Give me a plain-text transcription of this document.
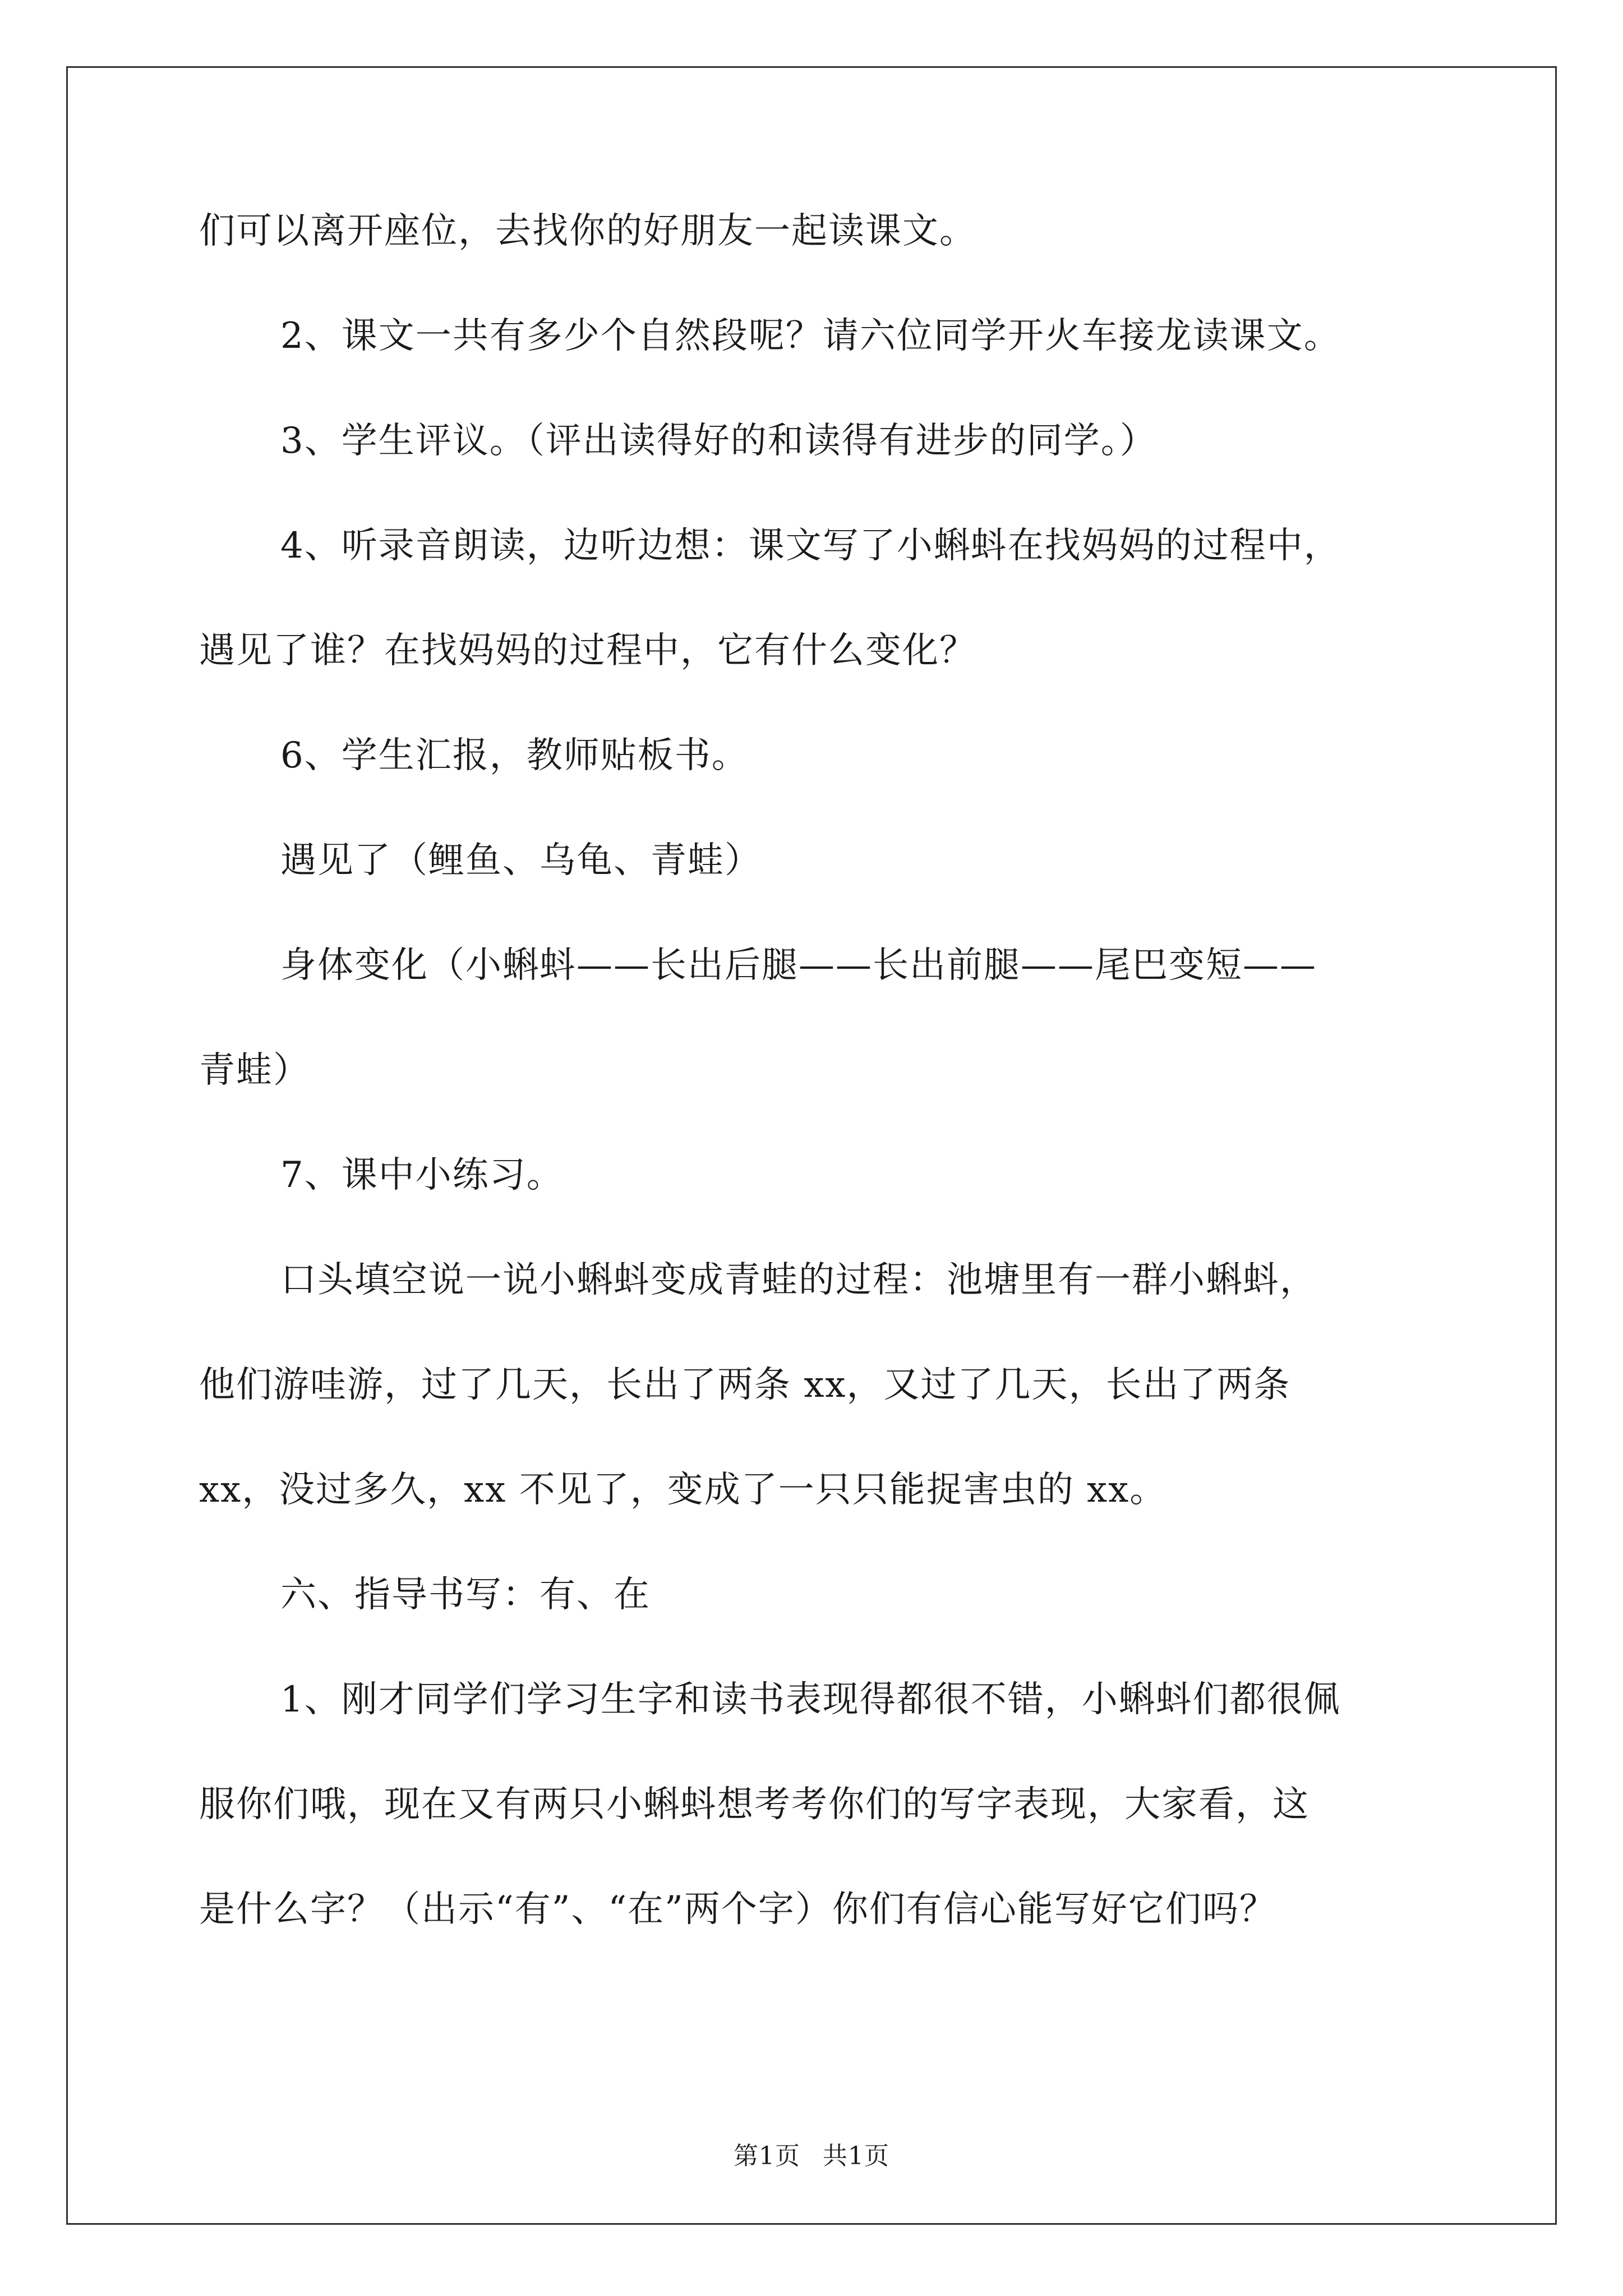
们可以离开座位，去找你的好朋友一起读课文。

2、课文一共有多少个自然段呢？请六位同学开火车接龙读课文。

3、学生评议。（评出读得好的和读得有进步的同学。）

4、听录音朗读，边听边想：课文写了小蝌蚪在找妈妈的过程中，

遇见了谁？在找妈妈的过程中，它有什么变化？

6、学生汇报，教师贴板书。

遇见了（鲤鱼、乌龟、青蛙）

身体变化（小蝌蚪——长出后腿——长出前腿——尾巴变短——

青蛙）

7、课中小练习。

口头填空说一说小蝌蚪变成青蛙的过程：池塘里有一群小蝌蚪，

他们游哇游，过了几天，长出了两条 xx，又过了几天，长出了两条

xx，没过多久，xx 不见了，变成了一只只能捉害虫的 xx。

六、指导书写：有、在

1、刚才同学们学习生字和读书表现得都很不错，小蝌蚪们都很佩

服你们哦，现在又有两只小蝌蚪想考考你们的写字表现，大家看，这

是什么字？（出示“有”、“在”两个字）你们有信心能写好它们吗？

第1页 共1页
